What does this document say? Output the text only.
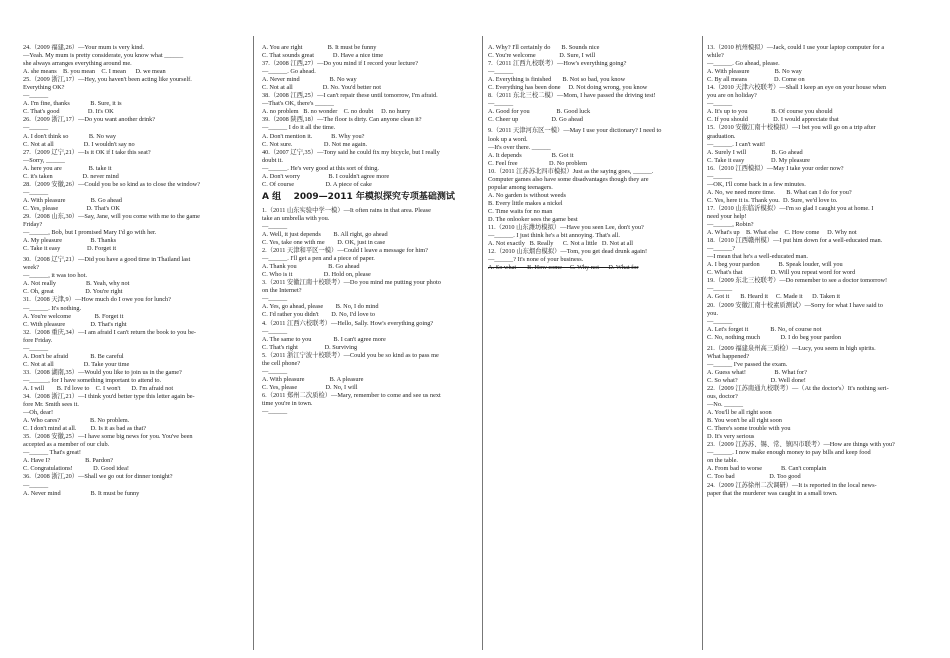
24.（2009 福建,26）—Your mum is very kind.
—Yeah. My mum is pretty considerate, you know what ______
she always arranges everything around me.
A. she means    B. you mean    C. I mean      D. we mean
25.（2009 浙江,17）—Hey, you haven't been acting like yourself.
Everything OK?
—______
A. I'm fine, thanks             B. Sure, it is
C. That's good                  D. It's OK
26.（2009 浙江,17）—Do you want another drink?
—______
A. I don't think so             B. No way
C. Not at all                   D. I wouldn't say no
27.（2009 辽宁,21）—Is it OK if I take this seat?
—Sorry, ______
A. here you are                 B. take it
C. it's taken                   D. never mind
28.（2009 安徽,26）—Could you be so kind as to close the window?
—______
A. With pleasure                B. Go ahead
C. Yes, please                  D. That's OK
29.（2008 山东,30）—Say, Jane, will you come with me to the game
Friday?
—______, Bob, but I promised Mary I'd go with her.
A. My pleasure                  B. Thanks
C. Take it easy                 D. Forget it
30.（2008 辽宁,21）—Did you have a good time in Thailand last
week?
—______, it was too hot.
A. Not really                   B. Yeah, why not
C. Oh, great                    D. You're right
31.（2008 天津,9）—How much do I owe you for lunch?
—______. It's nothing.
A. You're welcome               B. Forget it
C. With pleasure                D. That's right
32.（2008 重庆,34）—I am afraid I can't return the book to you be-
fore Friday.
—______
A. Don't be afraid              B. Be careful
C. Not at all                   D. Take your time
33.（2008 湖南,35）—Would you like to join us in the game?
—______, for I have something important to attend to.
A. I will        B. I'd love to    C. I won't       D. I'm afraid not
34.（2008 浙江,21）—I think you'd better type this letter again be-
fore Mr. Smith sees it.
—Oh, dear!
A. Who cares?                   B. No problem.
C. I don't mind at all.         D. Is it as bad as that?
35.（2008 安徽,25）—I have some big news for you. You've been
accepted as a member of our club.
—______ That's great!
A. Have I?                      B. Pardon?
C. Congratulations!             D. Good idea!
36.（2008 浙江,20）—Shall we go out for dinner tonight?
—______
A. Never mind                   B. It must be funny
A. You are right                B. It must be funny
C. That sounds great            D. Have a nice time
37.（2008 江西,27）—Do you mind if I record your lecture?
—______. Go ahead.
A. Never mind                   B. No way
C. Not at all                   D. No. You'd better not
38.（2008 江西,25）—I can't repair these until tomorrow, I'm afraid.
—That's OK, there's ______
A. no problem   B. no wonder    C. no doubt     D. no hurry
39.（2008 陕西,18）—The floor is dirty. Can anyone clean it?
—______ I do it all the time.
A. Don't mention it.            B. Why you?
C. Not sure.                    D. Not me again.
40.（2007 辽宁,35）—Tony said he could fix my bicycle, but I really
doubt it.
—______. He's very good at this sort of thing.
A. Don't worry                  B. I couldn't agree more
C. Of course                    D. A piece of cake
A 组    2009—2011 年模拟探究专项基础测试
1.（2011 山东实验中学一模）—It often rains in that area. Please
take an umbrella with you.
—______
A. Well, it just depends        B. All right, go ahead
C. Yes, take one with me        D. OK, just in case
2.（2011 天津和平区一模）—Could I leave a message for him?
—______. I'll get a pen and a piece of paper.
A. Thank you                    B. Go ahead
C. Who is it                    D. Hold on, please
3.（2011 安徽江南十校联考）—Do you mind me putting your photo
on the Internet?
—______
A. Yes, go ahead, please        B. No, I do mind
C. I'd rather you didn't        D. No, I'd love to
4.（2011 江西六校联考）—Hello, Sally. How's everything going?
—______
A. The same to you              B. I can't agree more
C. That's right                 D. Surviving
5.（2011 浙江宁波十校联考）—Could you be so kind as to pass me
the cell phone?
—______
A. With pleasure                B. A pleasure
C. Yes, please                  D. No, I will
6.（2011 郑州二次质检）—Mary, remember to come and see us next
time you're in town.
—______
A. Why? I'll certainly do       B. Sounds nice
C. You're welcome               D. Sure, I will
7.（2011 江西九校联考）—How's everything going?
—______
A. Everything is finished       B. Not so bad, you know
C. Everything has been done     D. Not doing wrong, you know
8.（2011 东北三校二模）—Mom, I have passed the driving test!
—______
A. Good for you                 B. Good luck
C. Cheer up                     D. Go ahead
9.（2011 天津河东区一模）—May I use your dictionary? I need to
look up a word.
—It's over there. ______
A. It depends                   B. Got it
C. Feel free                    D. No problem
10.（2011 江苏苏北四市模拟）Just as the saying goes, ______.
Computer games also have some disadvantages though they are
popular among teenagers.
A. No garden is without weeds
B. Every little makes a nickel
C. Time waits for no man
D. The onlooker sees the game best
11.（2010 山东潍坊模拟）—Have you seen Lee, don't you?
—______. I just think he's a bit annoying. That's all.
A. Not exactly   B. Really      C. Not a little   D. Not at all
12.（2010 山东烟台模拟）—Tom, you get dead drunk again!
—______? It's none of your business.
A. So what       B. How come     C. Why not      D. What for
13.（2010 杭州模拟）—Jack, could I use your laptop computer for a
while?
—______. Go ahead, please.
A. With pleasure                B. No way
C. By all means                 D. Come on
14.（2010 天津六校联考）—Shall I keep an eye on your house when
you are on holiday?
—______
A. It's up to you               B. Of course you should
C. If you should                D. I would appreciate that
15.（2010 安徽江南十校模拟）—I bet you will go on a trip after
graduation.
—______. I can't wait!
A. Surely I will                B. Go ahead
C. Take it easy                 D. My pleasure
16.（2010 江西模拟）—May I take your order now?
—______
—OK, I'll come back in a few minutes.
A. No, we need more time.       B. What can I do for you?
C. Yes, here it is. Thank you.  D. Sure, we'd love to.
17.（2010 山东临沂模拟）—I'm so glad I caught you at home. I
need your help!
—______, Robin?
A. What's up    B. What else    C. How come     D. Why not
18.（2010 江西赣州模）—I put him down for a well-educated man.
—______?
—I mean that he's a well-educated man.
A. I beg your pardon            B. Speak louder, will you
C. What's that                  D. Will you repeat word for word
19.（2009 东北三校联考）—Do remember to see a doctor tomorrow!
—______
A. Got it       B. Heard it     C. Made it      D. Taken it
20.（2009 安徽江南十校素质测试）—Sorry for what I have said to
you.
—______
A. Let's forget it              B. No, of course not
C. No, nothing much             D. I do beg your pardon
21.（2009 福建泉州高三质检）—Lucy, you seem in high spirits.
What happened?
—______ I've passed the exam.
A. Guess what!                  B. What for?
C. So what?                     D. Well done!
22.（2009 江苏南通九校联考）—（At the doctor's）It's nothing seri-
ous, doctor?
—No. ______
A. You'll be all right soon
B. You won't be all right soon
C. There's some trouble with you
D. It's very serious
23.（2009 江苏苏、锡、常、镇四市联考）—How are things with you?
—______. I now make enough money to pay bills and keep food
on the table.
A. From bad to worse            B. Can't complain
C. Too bad                      D. Too good
24.（2009 江苏徐州二次调研）—It is reported in the local news-
paper that the murderer was caught in a small town.
